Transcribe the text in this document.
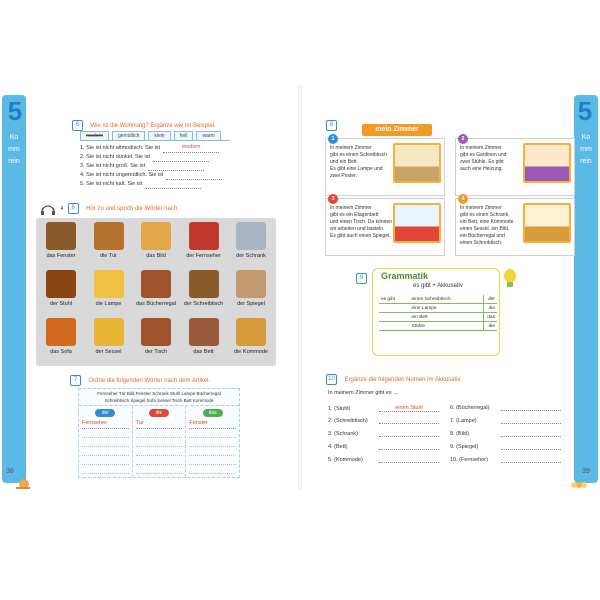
5	5
Komm rein
Komm rein
6 Wie ist die Wohnung? Ergänze wie im Beispiel.
modern	gemütlich	klein	hell	warm
1. Sie ist nicht altmodisch. Sie ist	modern
2. Sie ist nicht dunkel. Sie ist
3. Sie ist nicht groß. Sie ist
4. Sie ist nicht ungemütlich. Sie ist
5. Sie ist nicht kalt. Sie ist
4 6 Hör zu und sprich die Wörter nach.
das Fenster	die Tür	das Bild	der Fernseher	der Schrank
der Stuhl	die Lampe	das Bücherregal	der Schreibtisch	der Spiegel
das Sofa	der Sessel	der Tisch	das Bett	die Kommode
7 Ordne die folgenden Wörter nach dem Artikel.
Fernseher Tür Bild Fenster Schrank Stuhl Lampe Bücherregal
Schreibtisch Spiegel Sofa Sessel Tisch Bett Kommode
der
Fernseher
die
Tür
das
Fenster
38
8
mein Zimmer
1
In meinem Zimmer
gibt es einen Schreibtisch
und ein Bett.
Es gibt eine Lampe und
zwei Poster.
2
In meinem Zimmer
gibt es Gardinen und
zwei Stühle. Es gibt
auch eine Heizung.
3
In meinem Zimmer
gibt es ein Etagenbett
und einen Tisch. Da können
wir arbeiten und basteln.
Es gibt auch einen Spiegel.
4
In meinem Zimmer
gibt es einen Schrank,
ein Bett, eine Kommode
einen Sessel, ein Bild,
ein Bücherregal und
einen Schreibtisch.
9	Grammatik
es gibt + Akkusativ
es gibt	einen Schreibtisch	der
	eine Lampe	die
	ein Bett	das
	Stühle	die
10 Ergänze die folgenden Nomen im Akkusativ.
In meinem Zimmer gibt es ...
1. (Stuhl)	einen Stuhl
2. (Schreibtisch)
3. (Schrank)
4. (Bett)
5. (Kommode)
6. (Bücherregal)
7. (Lampe)
8. (Bild)
9. (Spiegel)
10. (Fernseher)
39
